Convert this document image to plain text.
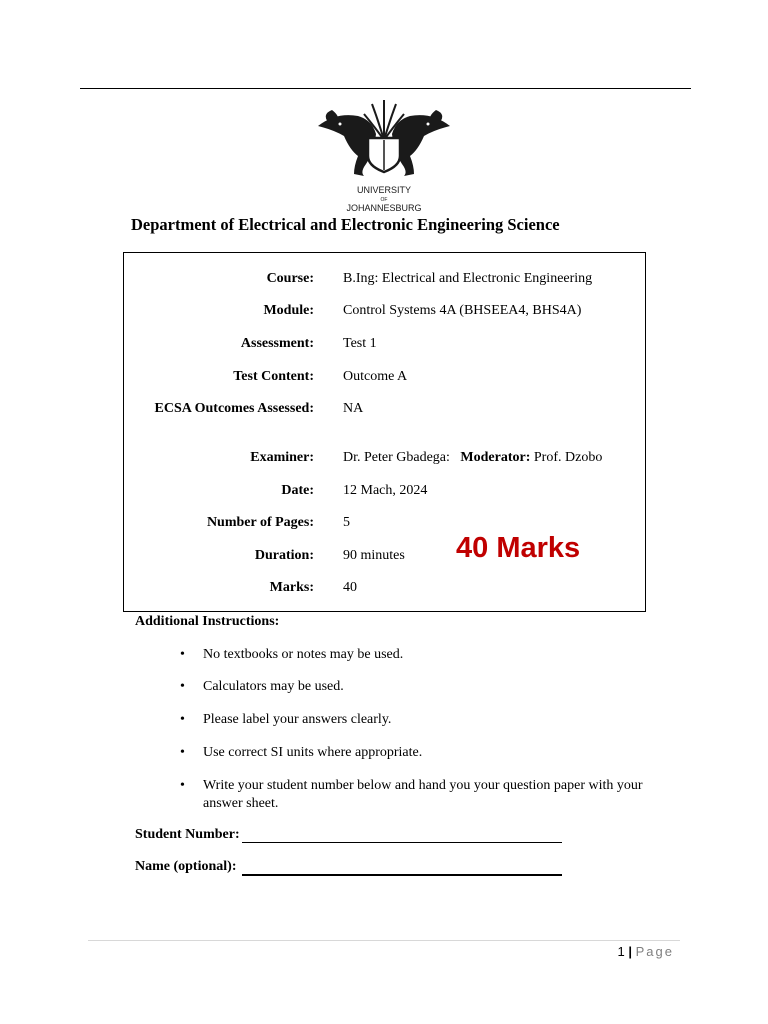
UNIVERSITY
OF
JOHANNESBURG
Department of Electrical and Electronic Engineering Science
Course: B.Ing: Electrical and Electronic Engineering
Module: Control Systems 4A (BHSEEA4, BHS4A)
Assessment: Test 1
Test Content: Outcome A
ECSA Outcomes Assessed: NA
Examiner: Dr. Peter Gbadega: Moderator: Prof. Dzobo
Date: 12 Mach, 2024
Number of Pages: 5
Duration: 90 minutes
Marks: 40
40 Marks
Additional Instructions:
• No textbooks or notes may be used.
• Calculators may be used.
• Please label your answers clearly.
• Use correct SI units where appropriate.
• Write your student number below and hand you your question paper with your answer sheet.
Student Number:
Name (optional):
1 | Page
